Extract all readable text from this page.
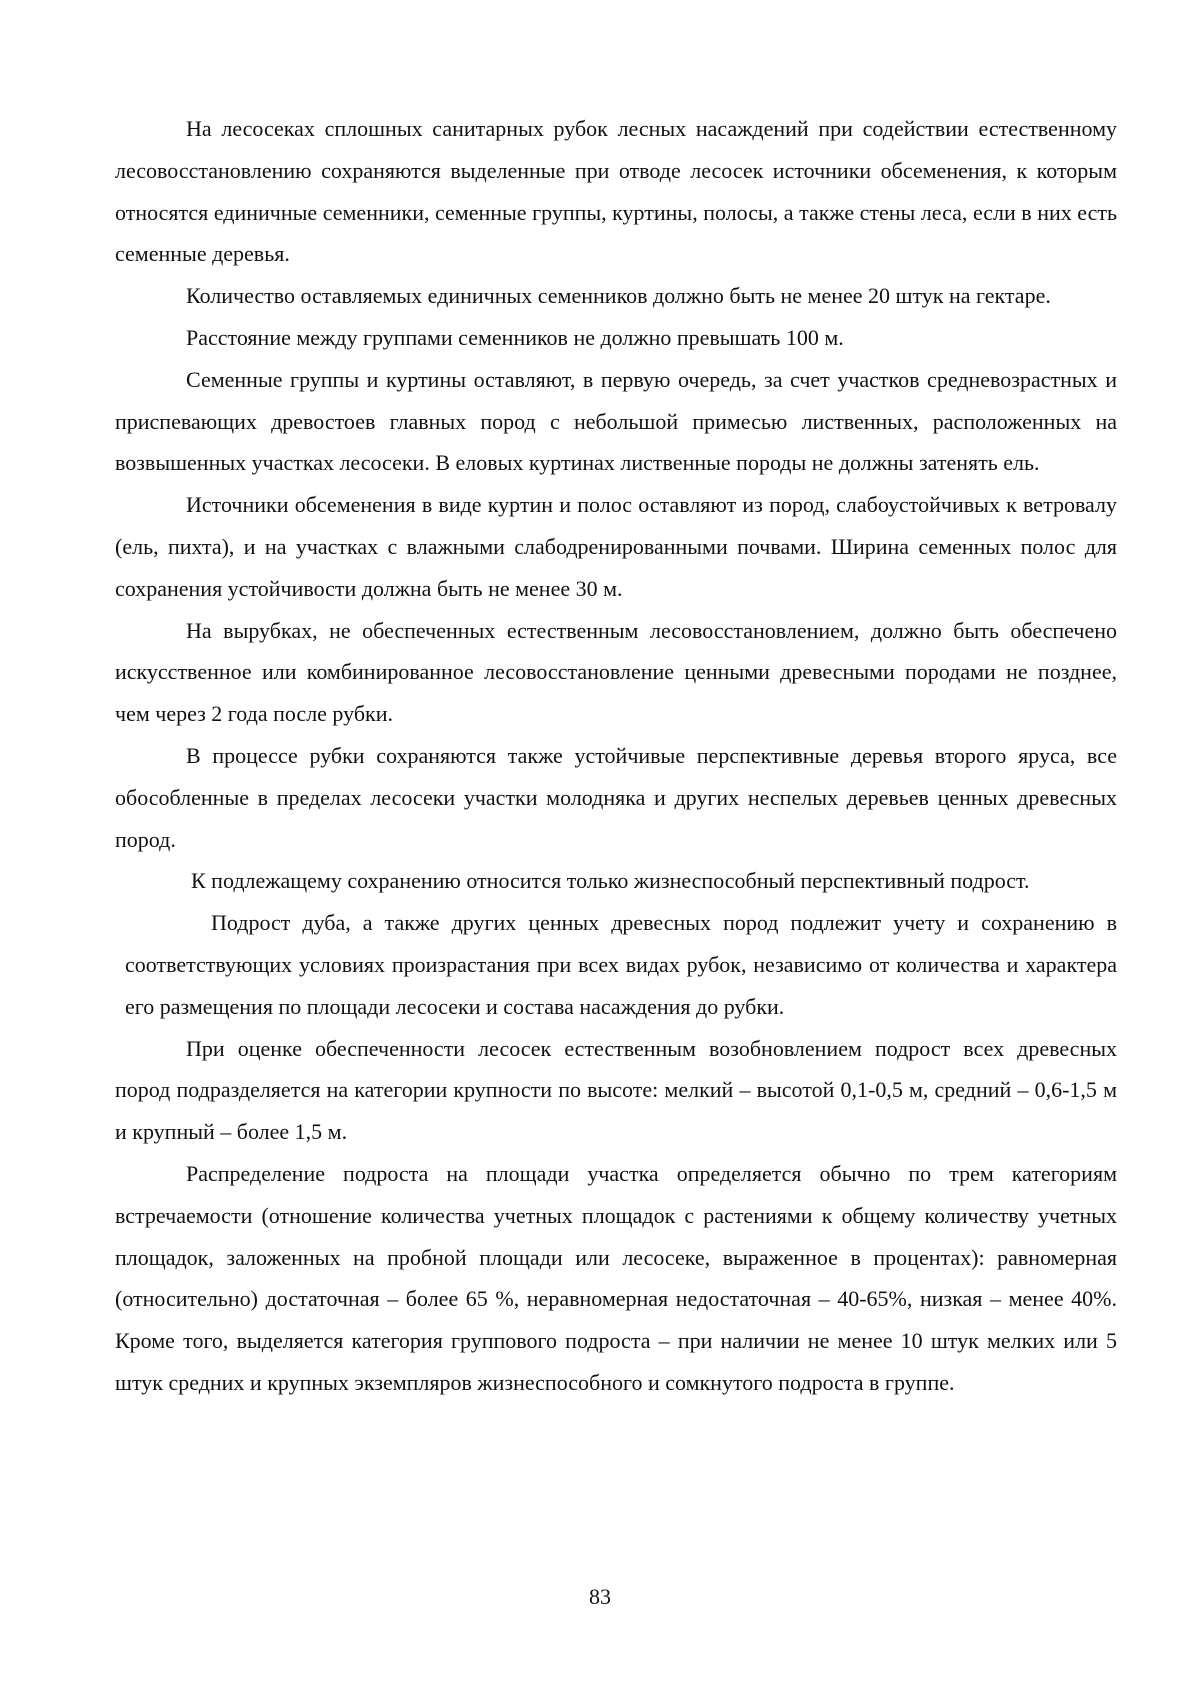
На лесосеках сплошных санитарных рубок лесных насаждений при содействии естественному лесовосстановлению сохраняются выделенные при отводе лесосек источники обсеменения, к которым относятся единичные семенники, семенные группы, куртины, полосы, а также стены леса, если в них есть семенные деревья.

Количество оставляемых единичных семенников должно быть не менее 20 штук на гектаре.

Расстояние между группами семенников не должно превышать 100 м.

Семенные группы и куртины оставляют, в первую очередь, за счет участков средневозрастных и приспевающих древостоев главных пород с небольшой примесью лиственных, расположенных на возвышенных участках лесосеки. В еловых куртинах лиственные породы не должны затенять ель.

Источники обсеменения в виде куртин и полос оставляют из пород, слабоустойчивых к ветровалу (ель, пихта), и на участках с влажными слабодренированными почвами. Ширина семенных полос для сохранения устойчивости должна быть не менее 30 м.

На вырубках, не обеспеченных естественным лесовосстановлением, должно быть обеспечено искусственное или комбинированное лесовосстановление ценными древесными породами не позднее, чем через 2 года после рубки.

В процессе рубки сохраняются также устойчивые перспективные деревья второго яруса, все обособленные в пределах лесосеки участки молодняка и других неспелых деревьев ценных древесных пород.

К подлежащему сохранению относится только жизнеспособный перспективный подрост.

Подрост дуба, а также других ценных древесных пород подлежит учету и сохранению в соответствующих условиях произрастания при всех видах рубок, независимо от количества и характера его размещения по площади лесосеки и состава насаждения до рубки.

При оценке обеспеченности лесосек естественным возобновлением подрост всех древесных пород подразделяется на категории крупности по высоте: мелкий – высотой 0,1-0,5 м, средний – 0,6-1,5 м и крупный – более 1,5 м.

Распределение подроста на площади участка определяется обычно по трем категориям встречаемости (отношение количества учетных площадок с растениями к общему количеству учетных площадок, заложенных на пробной площади или лесосеке, выраженное в процентах): равномерная (относительно) достаточная – более 65 %, неравномерная недостаточная – 40-65%, низкая – менее 40%. Кроме того, выделяется категория группового подроста – при наличии не менее 10 штук мелких или 5 штук средних и крупных экземпляров жизнеспособного и сомкнутого подроста в группе.

83
